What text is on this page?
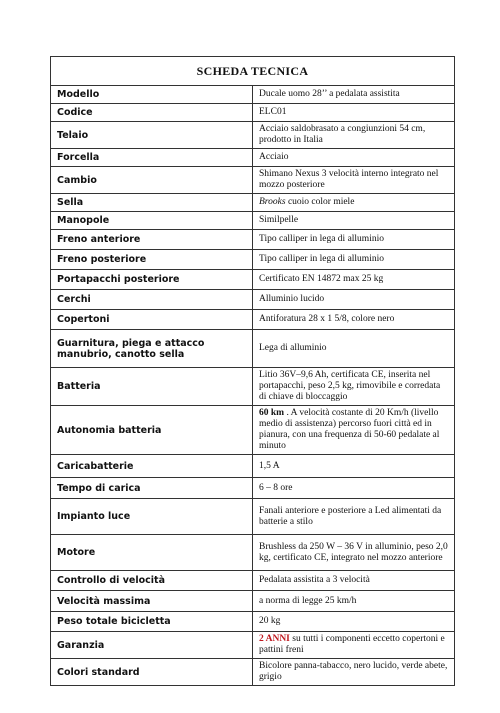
SCHEDA TECNICA	
Modello	Ducale uomo 28’’ a pedalata assistita
Codice	ELC01
Telaio	Acciaio saldobrasato a congiunzioni 54 cm, prodotto in Italia
Forcella	Acciaio
Cambio	Shimano Nexus 3 velocità interno integrato nel mozzo posteriore
Sella	Brooks cuoio color miele
Manopole	Similpelle
Freno anteriore	Tipo calliper in lega di alluminio
Freno posteriore	Tipo calliper in lega di alluminio
Portapacchi posteriore	Certificato EN 14872 max 25 kg
Cerchi	Alluminio lucido
Copertoni	Antiforatura 28 x 1 5/8, colore nero
Guarnitura, piega e attacco manubrio, canotto sella	Lega di alluminio
Batteria	Litio 36V–9,6 Ah, certificata CE, inserita nel portapacchi, peso 2,5 kg, rimovibile e corredata di chiave di bloccaggio
Autonomia batteria	60 km . A velocità costante di 20 Km/h (livello medio di assistenza) percorso fuori città ed in pianura, con una frequenza di 50-60 pedalate al minuto
Caricabatterie	1,5 A
Tempo di carica	6 – 8 ore
Impianto luce	Fanali anteriore e posteriore a Led alimentati da batterie a stilo
Motore	Brushless da 250 W – 36 V in alluminio, peso 2,0 kg, certificato CE, integrato nel mozzo anteriore
Controllo di velocità	Pedalata assistita a 3 velocità
Velocità massima	a norma di legge 25 km/h
Peso totale bicicletta	20 kg
Garanzia	2 ANNI su tutti i componenti eccetto copertoni e pattini freni
Colori standard	Bicolore panna-tabacco, nero lucido, verde abete, grigio
